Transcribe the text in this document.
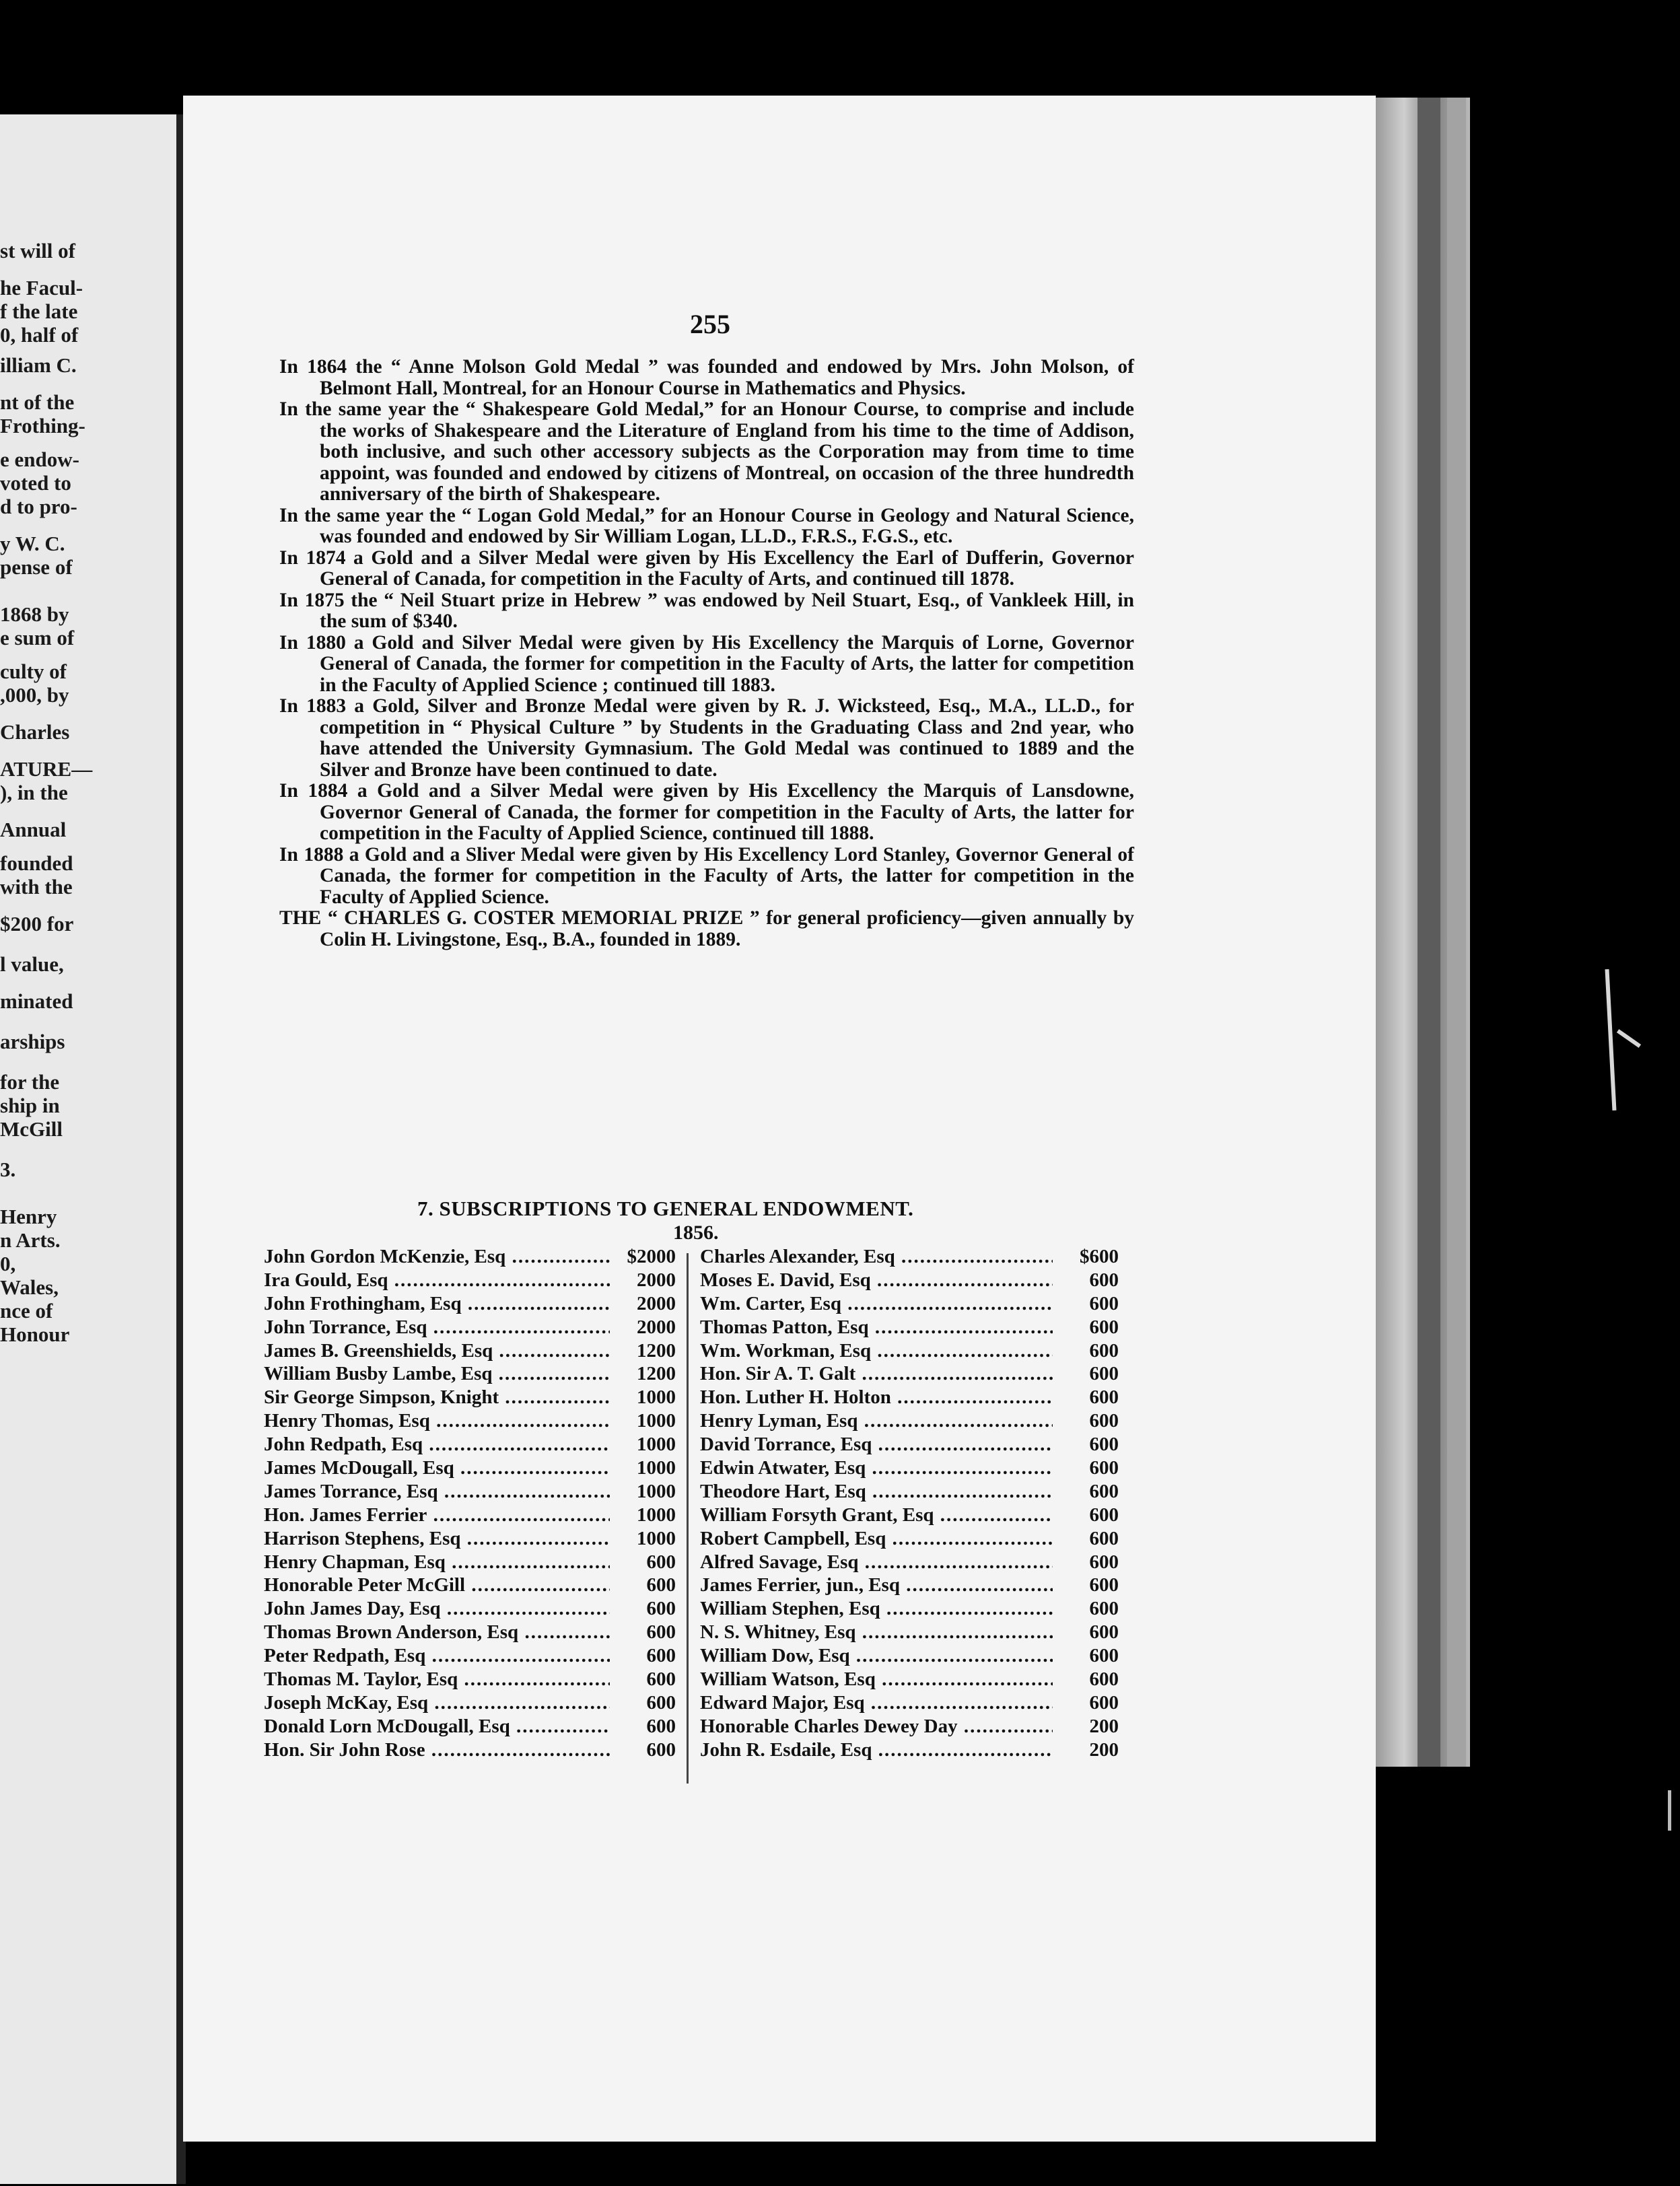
st will of
he Facul-
f the late
0, half of
illiam C.
nt of the
Frothing-
e endow-
voted to
d to pro-
y W. C.
pense of
1868 by
e sum of
culty of
,000, by
Charles
ATURE—
), in the
Annual
founded
with the
$200 for
l value,
minated
arships
for the
ship in
McGill
3.
Henry
n Arts.
0,
Wales,
nce of
Honour
255

In 1864 the “ Anne Molson Gold Medal ” was founded and endowed by Mrs. John Molson, of Belmont Hall, Montreal, for an Honour Course in Mathematics and Physics.

In the same year the “ Shakespeare Gold Medal,” for an Honour Course, to comprise and include the works of Shakespeare and the Literature of England from his time to the time of Addison, both inclusive, and such other accessory subjects as the Corporation may from time to time appoint, was founded and endowed by citizens of Montreal, on occasion of the three hundredth anniversary of the birth of Shakespeare.

In the same year the “ Logan Gold Medal,” for an Honour Course in Geology and Natural Science, was founded and endowed by Sir William Logan, LL.D., F.R.S., F.G.S., etc.

In 1874 a Gold and a Silver Medal were given by His Excellency the Earl of Dufferin, Governor General of Canada, for competition in the Faculty of Arts, and continued till 1878.

In 1875 the “ Neil Stuart prize in Hebrew ” was endowed by Neil Stuart, Esq., of Vankleek Hill, in the sum of $340.

In 1880 a Gold and Silver Medal were given by His Excellency the Marquis of Lorne, Governor General of Canada, the former for competition in the Faculty of Arts, the latter for competition in the Faculty of Applied Science ; continued till 1883.

In 1883 a Gold, Silver and Bronze Medal were given by R. J. Wicksteed, Esq., M.A., LL.D., for competition in “ Physical Culture ” by Students in the Graduating Class and 2nd year, who have attended the University Gymnasium. The Gold Medal was continued to 1889 and the Silver and Bronze have been continued to date.

In 1884 a Gold and a Silver Medal were given by His Excellency the Marquis of Lansdowne, Governor General of Canada, the former for competition in the Faculty of Arts, the latter for competition in the Faculty of Applied Science, continued till 1888.

In 1888 a Gold and a Sliver Medal were given by His Excellency Lord Stanley, Governor General of Canada, the former for competition in the Faculty of Arts, the latter for competition in the Faculty of Applied Science.

THE “ CHARLES G. COSTER MEMORIAL PRIZE ” for general proficiency—given annually by Colin H. Livingstone, Esq., B.A., founded in 1889.

7. SUBSCRIPTIONS TO GENERAL ENDOWMENT.
1856.
John Gordon McKenzie, Esq .....	$2000
Ira Gould, Esq .....	2000
John Frothingham, Esq .....	2000
John Torrance, Esq .....	2000
James B. Greenshields, Esq .....	1200
William Busby Lambe, Esq .....	1200
Sir George Simpson, Knight .....	1000
Henry Thomas, Esq .....	1000
John Redpath, Esq .....	1000
James McDougall, Esq .....	1000
James Torrance, Esq .....	1000
Hon. James Ferrier .....	1000
Harrison Stephens, Esq .....	1000
Henry Chapman, Esq .....	600
Honorable Peter McGill .....	600
John James Day, Esq .....	600
Thomas Brown Anderson, Esq .....	600
Peter Redpath, Esq .....	600
Thomas M. Taylor, Esq .....	600
Joseph McKay, Esq .....	600
Donald Lorn McDougall, Esq .....	600
Hon. Sir John Rose .....	600
Charles Alexander, Esq .....	$600
Moses E. David, Esq .....	600
Wm. Carter, Esq .....	600
Thomas Patton, Esq .....	600
Wm. Workman, Esq .....	600
Hon. Sir A. T. Galt .....	600
Hon. Luther H. Holton .....	600
Henry Lyman, Esq .....	600
David Torrance, Esq .....	600
Edwin Atwater, Esq .....	600
Theodore Hart, Esq .....	600
William Forsyth Grant, Esq .....	600
Robert Campbell, Esq .....	600
Alfred Savage, Esq .....	600
James Ferrier, jun., Esq .....	600
William Stephen, Esq .....	600
N. S. Whitney, Esq .....	600
William Dow, Esq .....	600
William Watson, Esq .....	600
Edward Major, Esq .....	600
Honorable Charles Dewey Day .....	200
John R. Esdaile, Esq .....	200
